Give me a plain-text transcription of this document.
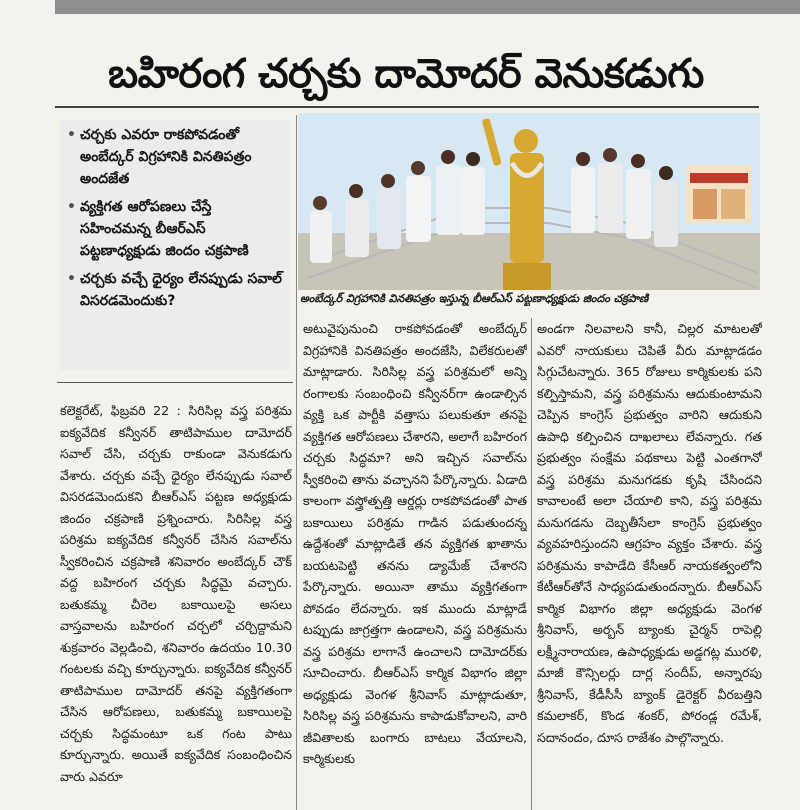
బహిరంగ చర్చకు దామోదర్ వెనుకడుగు
• చర్చకు ఎవరూ రాకపోవడంతో అంబేద్కర్ విగ్రహానికి వినతిపత్రం అందజేత
• వ్యక్తిగత ఆరోపణలు చేస్తే సహించమన్న బీఆర్ఎస్ పట్టణాధ్యక్షుడు జిందం చక్రపాణి
• చర్చకు వచ్చే ధైర్యం లేనప్పుడు సవాల్ విసరడమెందుకు?	అంబేద్కర్ విగ్రహానికి వినతిపత్రం ఇస్తున్న బీఆర్ఎస్ పట్టణాధ్యక్షుడు జిందం చక్రపాణి

కలెక్టరేట్, ఫిబ్రవరి 22 : సిరిసిల్ల వస్త్ర పరిశ్రమ ఐక్యవేదిక కన్వీనర్ తాటిపాముల దామోదర్ సవాల్ చేసి, చర్చకు రాకుండా వెనుకడుగు వేశారు. చర్చకు వచ్చే ధైర్యం లేనప్పుడు సవాల్ విసరడమెందుకని బీఆర్ఎస్ పట్టణ అధ్యక్షుడు జిందం చక్రపాణి ప్రశ్నించారు. సిరిసిల్ల వస్త్ర పరిశ్రమ ఐక్యవేదిక కన్వీనర్ చేసిన సవాల్‌ను స్వీకరించిన చక్రపాణి శనివారం అంబేద్కర్ చౌక్ వద్ద బహిరంగ చర్చకు సిద్ధమై వచ్చారు. బతుకమ్మ చీరెల బకాయిలపై అసలు వాస్తవాలను బహిరంగ చర్చలో చర్చిద్దామని శుక్రవారం వెల్లడించి, శనివారం ఉదయం 10.30 గంటలకు వచ్చి కూర్చున్నారు. ఐక్యవేదిక కన్వీనర్ తాటిపాముల దామోదర్ తనపై వ్యక్తిగతంగా చేసిన ఆరోపణలు, బతుకమ్మ బకాయిలపై చర్చకు సిద్ధమంటూ ఒక గంట పాటు కూర్చున్నారు. అయితే ఐక్యవేదిక సంబంధించిన వారు ఎవరూ

అటువైపునుంచి రాకపోవడంతో అంబేద్కర్ విగ్రహానికి వినతిపత్రం అందజేసి, విలేకరులతో మాట్లాడారు. సిరిసిల్ల వస్త్ర పరిశ్రమలో అన్ని రంగాలకు సంబంధించి కన్వీనర్‌గా ఉండాల్సిన వ్యక్తి ఒక పార్టీకి వత్తాసు పలుకుతూ తనపై వ్యక్తిగత ఆరోపణలు చేశారని, అలాగే బహిరంగ చర్చకు సిద్ధమా? అని ఇచ్చిన సవాల్‌ను స్వీకరించి తాను వచ్చానని పేర్కొన్నారు. ఏడాది కాలంగా వస్త్రోత్పత్తి ఆర్డర్లు రాకపోవడంతో పాత బకాయిలు పరిశ్రమ గాడిన పడుతుందన్న ఉద్దేశంతో మాట్లాడితే తన వ్యక్తిగత ఖాతాను బయటపెట్టి తనను డ్యామేజ్ చేశారని పేర్కొన్నారు. అయినా తాము వ్యక్తిగతంగా పోవడం లేదన్నారు. ఇక ముందు మాట్లాడే టప్పుడు జాగ్రత్తగా ఉండాలని, వస్త్ర పరిశ్రమను వస్త్ర పరిశ్రమ లాగానే ఉంచాలని దామోదర్‌కు సూచించారు. బీఆర్ఎస్ కార్మిక విభాగం జిల్లా అధ్యక్షుడు వెంగళ శ్రీనివాస్ మాట్లాడుతూ, సిరిసిల్ల వస్త్ర పరిశ్రమను కాపాడుకోవాలని, వారి జీవితాలకు బంగారు బాటలు వేయాలని, కార్మికులకు

అండగా నిలవాలని కానీ, చిల్లర మాటలతో ఎవరో నాయకులు చెపితే వీరు మాట్లాడడం సిగ్గుచేటన్నారు. 365 రోజులు కార్మికులకు పని కల్పిస్తామని, వస్త్ర పరిశ్రమను ఆదుకుంటామని చెప్పిన కాంగ్రెస్ ప్రభుత్వం వారిని ఆదుకుని ఉపాధి కల్పించిన దాఖలాలు లేవన్నారు. గత ప్రభుత్వం సంక్షేమ పథకాలు పెట్టి ఎంతగానో వస్త్ర పరిశ్రమ మనుగడకు కృషి చేసిందని కావాలంటే అలా చేయాలి కాని, వస్త్ర పరిశ్రమ మనుగడను దెబ్బతీసేలా కాంగ్రెస్ ప్రభుత్వం వ్యవహరిస్తుందని ఆగ్రహం వ్యక్తం చేశారు. వస్త్ర పరిశ్రమను కాపాడేది కేసీఆర్ నాయకత్వంలోని కేటీఆర్‌తోనే సాధ్యపడుతుందన్నారు. బీఆర్ఎస్ కార్మిక విభాగం జిల్లా అధ్యక్షుడు వెంగళ శ్రీనివాస్, అర్బన్ బ్యాంకు చైర్మన్ రాపెల్లి లక్ష్మీనారాయణ, ఉపాధ్యక్షుడు అడ్డగట్ల మురళి, మాజీ కౌన్సిలర్లు దార్ల సందీప్, అన్నారపు శ్రీనివాస్, కేడీసీసీ బ్యాంక్ డైరెక్టర్ వీరబత్తిని కమలాకర్, కొండ శంకర్, పోరండ్ల రమేశ్, సదానందం, దూస రాజేశం పాల్గొన్నారు.
